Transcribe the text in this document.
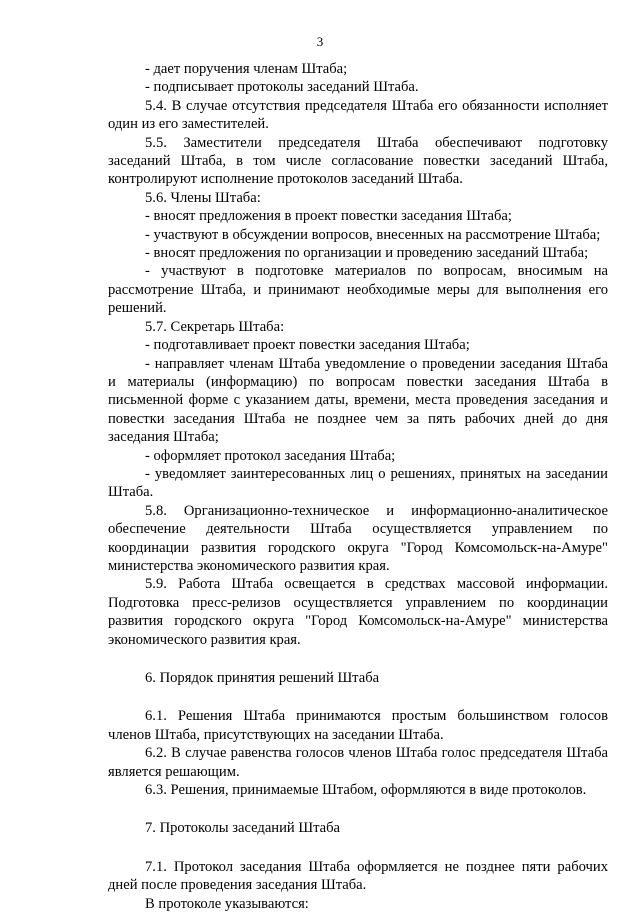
3

- дает поручения членам Штаба;

- подписывает протоколы заседаний Штаба.

5.4. В случае отсутствия председателя Штаба его обязанности исполняет один из его заместителей.

5.5. Заместители председателя Штаба обеспечивают подготовку заседаний Штаба, в том числе согласование повестки заседаний Штаба, контролируют исполнение протоколов заседаний Штаба.

5.6. Члены Штаба:

- вносят предложения в проект повестки заседания Штаба;

- участвуют в обсуждении вопросов, внесенных на рассмотрение Штаба;

- вносят предложения по организации и проведению заседаний Штаба;

- участвуют в подготовке материалов по вопросам, вносимым на рассмотрение Штаба, и принимают необходимые меры для выполнения его решений.

5.7. Секретарь Штаба:

- подготавливает проект повестки заседания Штаба;

- направляет членам Штаба уведомление о проведении заседания Штаба и материалы (информацию) по вопросам повестки заседания Штаба в письменной форме с указанием даты, времени, места проведения заседания и повестки заседания Штаба не позднее чем за пять рабочих дней до дня заседания Штаба;

- оформляет протокол заседания Штаба;

- уведомляет заинтересованных лиц о решениях, принятых на заседании Штаба.

5.8. Организационно-техническое и информационно-аналитическое обеспечение деятельности Штаба осуществляется управлением по координации развития городского округа "Город Комсомольск-на-Амуре" министерства экономического развития края.

5.9. Работа Штаба освещается в средствах массовой информации. Подготовка пресс-релизов осуществляется управлением по координации развития городского округа "Город Комсомольск-на-Амуре" министерства экономического развития края.

6. Порядок принятия решений Штаба

6.1. Решения Штаба принимаются простым большинством голосов членов Штаба, присутствующих на заседании Штаба.

6.2. В случае равенства голосов членов Штаба голос председателя Штаба является решающим.

6.3. Решения, принимаемые Штабом, оформляются в виде протоколов.

7. Протоколы заседаний Штаба

7.1. Протокол заседания Штаба оформляется не позднее пяти рабочих дней после проведения заседания Штаба.

В протоколе указываются:
